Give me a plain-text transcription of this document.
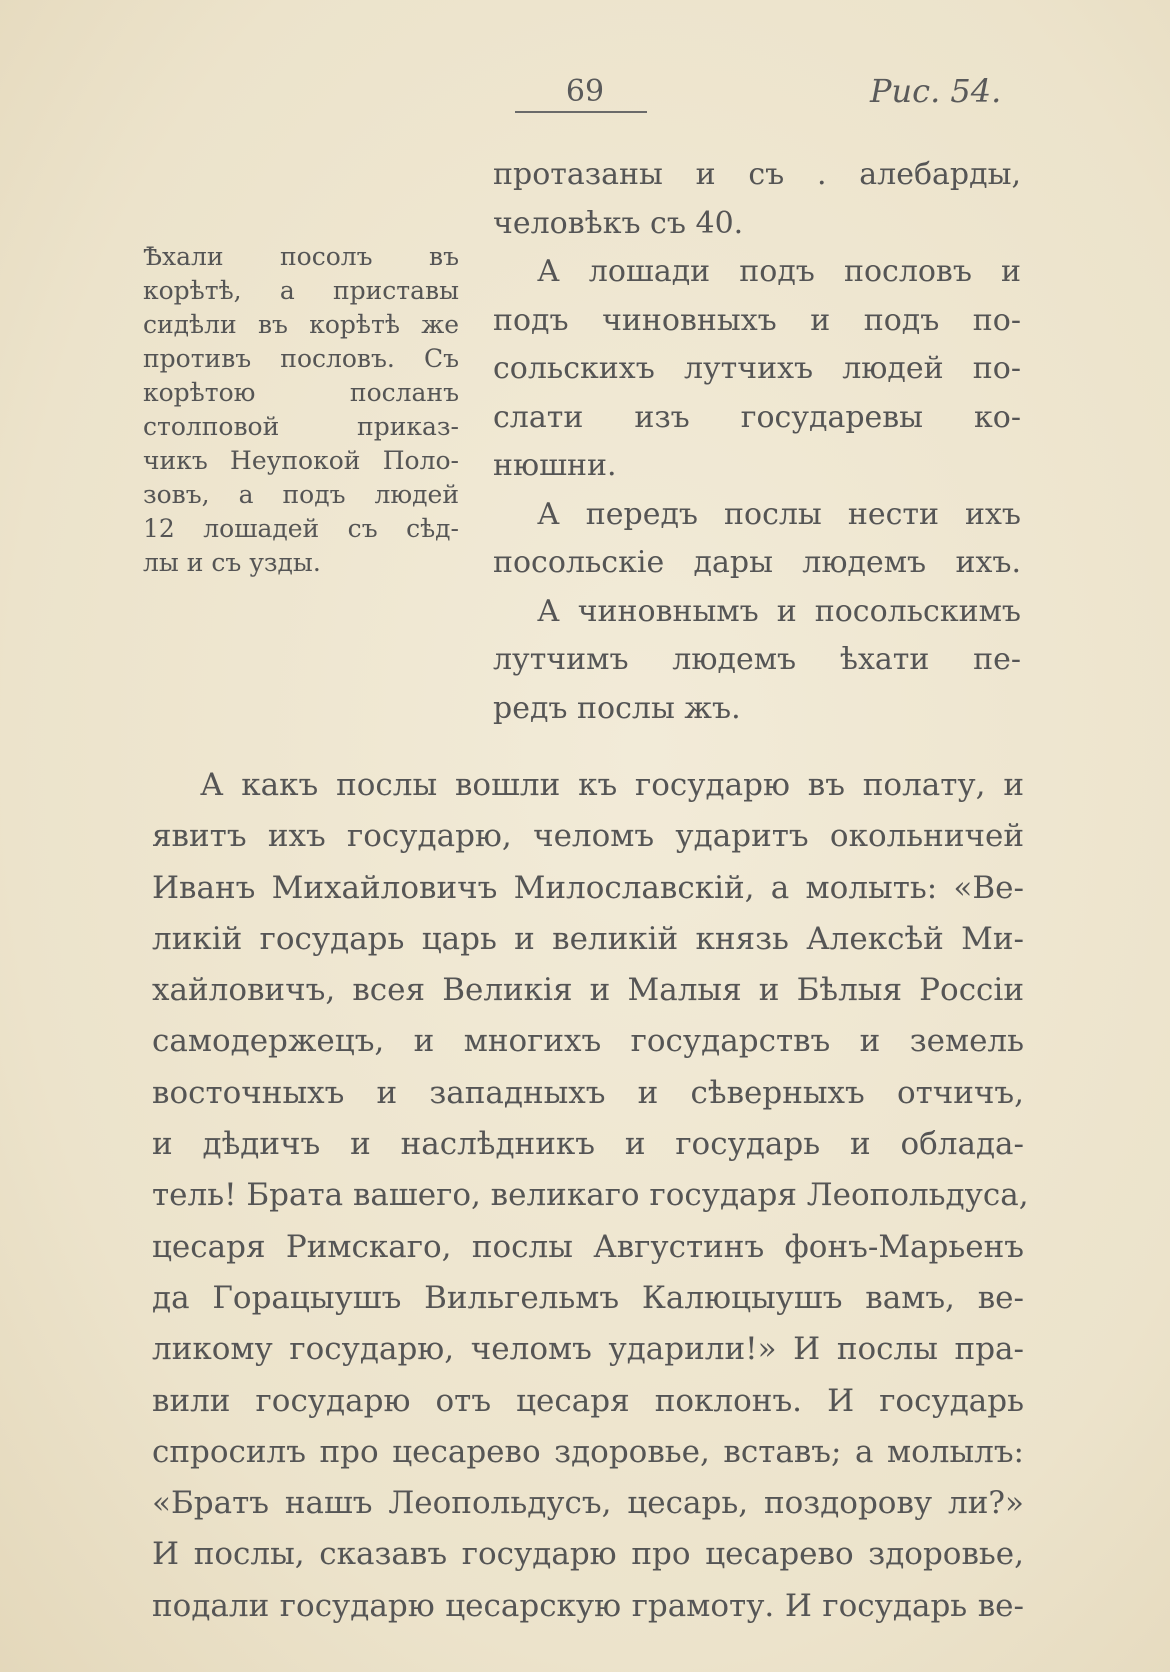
69	Рис. 54.
Ѣхали посолъ въ
корѣтѣ, а приставы
сидѣли въ корѣтѣ же
противъ пословъ. Съ
корѣтою посланъ
столповой приказ-
чикъ Неупокой Поло-
зовъ, а подъ людей
12 лошадей съ сѣд-
лы и съ узды.
протазаны и съ . алебарды,
человѣкъ съ 40.
А лошади подъ пословъ и
подъ чиновныхъ и подъ по-
сольскихъ лутчихъ людей по-
слати изъ государевы ко-
нюшни.
А передъ послы нести ихъ
посольскіе дары людемъ ихъ.
А чиновнымъ и посольскимъ
лутчимъ людемъ ѣхати пе-
редъ послы жъ.
А какъ послы вошли къ государю въ полату, и
явитъ ихъ государю, челомъ ударитъ окольничей
Иванъ Михайловичъ Милославскій, а молыть: «Ве-
ликій государь царь и великій князь Алексѣй Ми-
хайловичъ, всея Великія и Малыя и Бѣлыя Россіи
самодержецъ, и многихъ государствъ и земель
восточныхъ и западныхъ и сѣверныхъ отчичъ,
и дѣдичъ и наслѣдникъ и государь и облада-
тель! Брата вашего, великаго государя Леопольдуса,
цесаря Римскаго, послы Августинъ фонъ-Марьенъ
да Горацыушъ Вильгельмъ Калюцыушъ вамъ, ве-
ликому государю, челомъ ударили!» И послы пра-
вили государю отъ цесаря поклонъ. И государь
спросилъ про цесарево здоровье, вставъ; а молылъ:
«Братъ нашъ Леопольдусъ, цесарь, поздорову ли?»
И послы, сказавъ государю про цесарево здоровье,
подали государю цесарскую грамоту. И государь ве-
